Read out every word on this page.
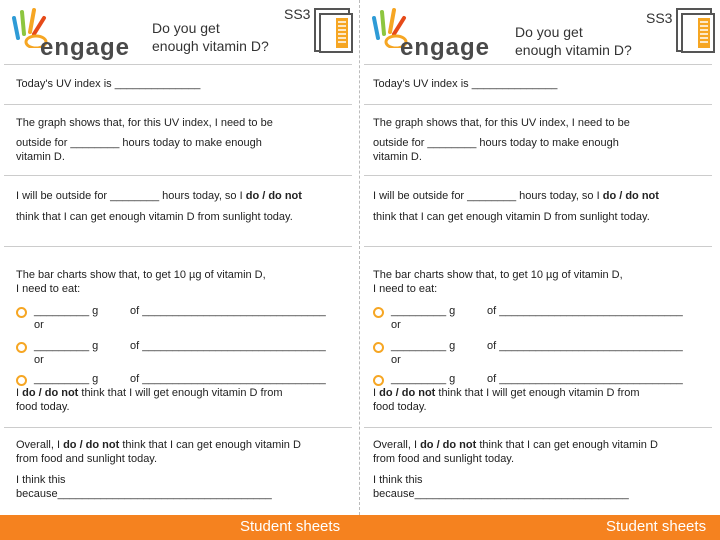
engage
Do you get
enough vitamin D?
SS3
Today's UV index is ______________
The graph shows that, for this UV index, I need to be
outside for ________ hours today to make enough
vitamin D.
I will be outside for ________ hours today, so I do / do not
think that I can get enough vitamin D from sunlight today.
The bar charts show that, to get 10 µg of vitamin D,
I need to eat:
_________ g	of ______________________________
or
_________ g	of ______________________________
or
_________ g	of ______________________________
I do / do not think that I will get enough vitamin D from
food today.
Overall, I do / do not think that I can get enough vitamin D
from food and sunlight today.
I think this
because___________________________________
engage
Do you get
enough vitamin D?
SS3
Today's UV index is ______________
The graph shows that, for this UV index, I need to be
outside for ________ hours today to make enough
vitamin D.
I will be outside for ________ hours today, so I do / do not
think that I can get enough vitamin D from sunlight today.
The bar charts show that, to get 10 µg of vitamin D,
I need to eat:
_________ g	of ______________________________
or
_________ g	of ______________________________
or
_________ g	of ______________________________
I do / do not think that I will get enough vitamin D from
food today.
Overall, I do / do not think that I can get enough vitamin D
from food and sunlight today.
I think this
because___________________________________
Student sheets	Student sheets
